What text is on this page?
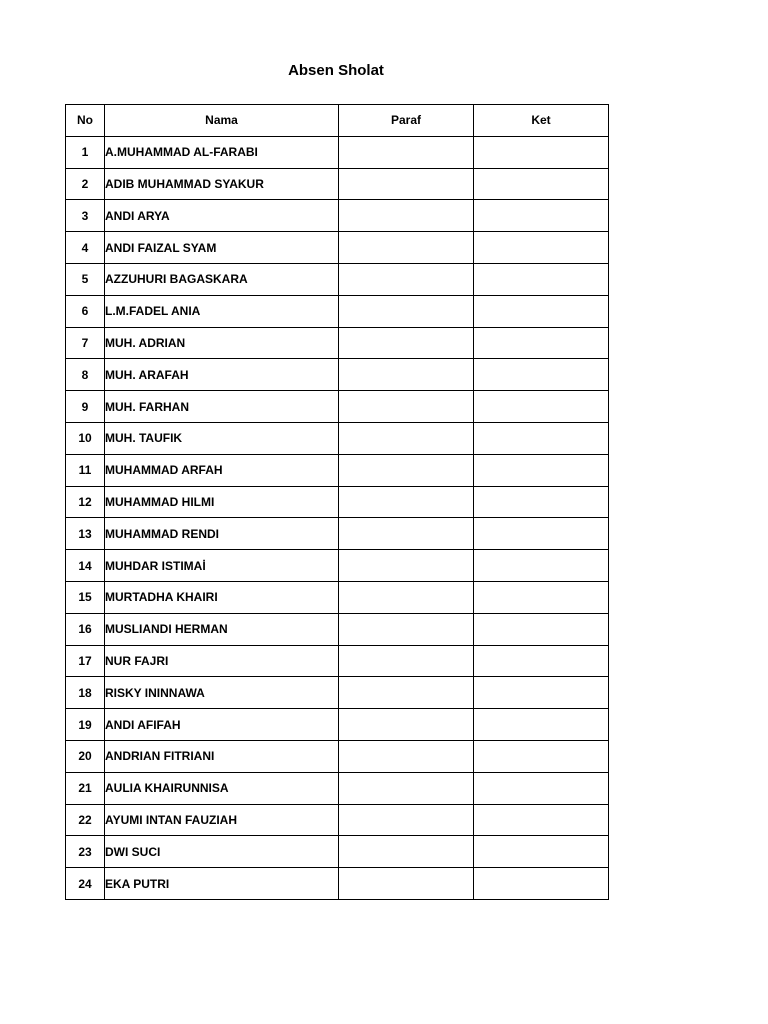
Absen Sholat
No	Nama	Paraf	Ket
1	A.MUHAMMAD AL-FARABI		
2	ADIB MUHAMMAD SYAKUR		
3	ANDI ARYA		
4	ANDI FAIZAL SYAM		
5	AZZUHURI BAGASKARA		
6	L.M.FADEL ANIA		
7	MUH. ADRIAN		
8	MUH. ARAFAH		
9	MUH. FARHAN		
10	MUH. TAUFIK		
11	MUHAMMAD ARFAH		
12	MUHAMMAD HILMI		
13	MUHAMMAD RENDI		
14	MUHDAR ISTIMAİ		
15	MURTADHA KHAIRI		
16	MUSLIANDI HERMAN		
17	NUR FAJRI		
18	RISKY ININNAWA		
19	ANDI AFIFAH		
20	ANDRIAN FITRIANI		
21	AULIA KHAIRUNNISA		
22	AYUMI INTAN FAUZIAH		
23	DWI SUCI		
24	EKA PUTRI		
